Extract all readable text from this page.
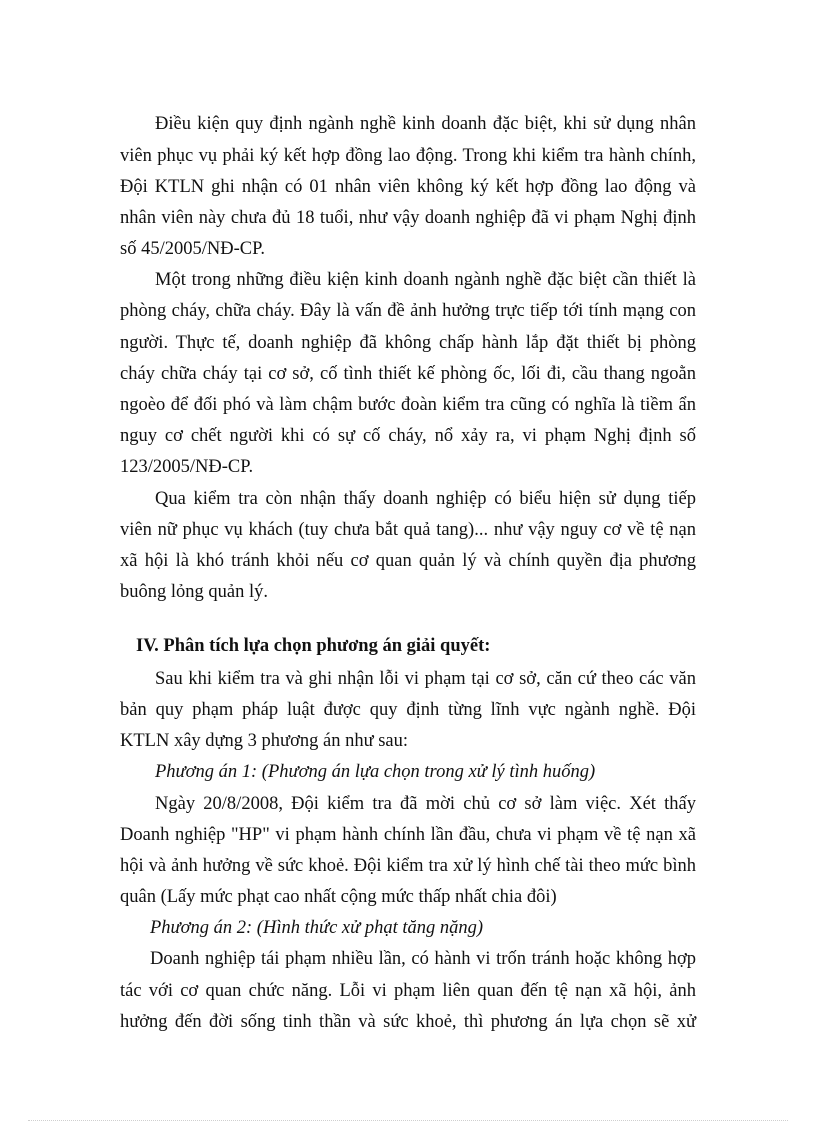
Điều kiện quy định ngành nghề kinh doanh đặc biệt, khi sử dụng nhân
viên phục vụ phải ký kết hợp đồng lao động. Trong khi kiểm tra hành chính,
Đội KTLN ghi nhận có 01 nhân viên không ký kết hợp đồng lao động và
nhân viên này chưa đủ 18 tuổi, như vậy doanh nghiệp đã vi phạm Nghị định
số 45/2005/NĐ-CP.
Một trong những điều kiện kinh doanh ngành nghề đặc biệt cần thiết là
phòng cháy, chữa cháy. Đây là vấn đề ảnh hưởng trực tiếp tới tính mạng con
người. Thực tế, doanh nghiệp đã không chấp hành lắp đặt thiết bị phòng
cháy chữa cháy tại cơ sở, cố tình thiết kế phòng ốc, lối đi, cầu thang ngoằn
ngoèo để đối phó và làm chậm bước đoàn kiểm tra cũng có nghĩa là tiềm ẩn
nguy cơ chết người khi có sự cố cháy, nổ xảy ra, vi phạm Nghị định số
123/2005/NĐ-CP.
Qua kiểm tra còn nhận thấy doanh nghiệp có biểu hiện sử dụng tiếp
viên nữ phục vụ khách (tuy chưa bắt quả tang)... như vậy nguy cơ về tệ nạn
xã hội là khó tránh khỏi nếu cơ quan quản lý và chính quyền địa phương
buông lỏng quản lý.
IV. Phân tích lựa chọn phương án giải quyết:
Sau khi kiểm tra và ghi nhận lỗi vi phạm tại cơ sở, căn cứ theo các văn
bản quy phạm pháp luật được quy định từng lĩnh vực ngành nghề. Đội
KTLN xây dựng 3 phương án như sau:
Phương án 1: (Phương án lựa chọn trong xử lý tình huống)
Ngày 20/8/2008, Đội kiểm tra đã mời chủ cơ sở làm việc. Xét thấy
Doanh nghiệp "HP" vi phạm hành chính lần đầu, chưa vi phạm về tệ nạn xã
hội và ảnh hưởng về sức khoẻ. Đội kiểm tra xử lý hình chế tài theo mức bình
quân (Lấy mức phạt cao nhất cộng mức thấp nhất chia đôi)
Phương án 2: (Hình thức xử phạt tăng nặng)
Doanh nghiệp tái phạm nhiều lần, có hành vi trốn tránh hoặc không hợp
tác với cơ quan chức năng. Lỗi vi phạm liên quan đến tệ nạn xã hội, ảnh
hưởng đến đời sống tinh thần và sức khoẻ, thì phương án lựa chọn sẽ xử
